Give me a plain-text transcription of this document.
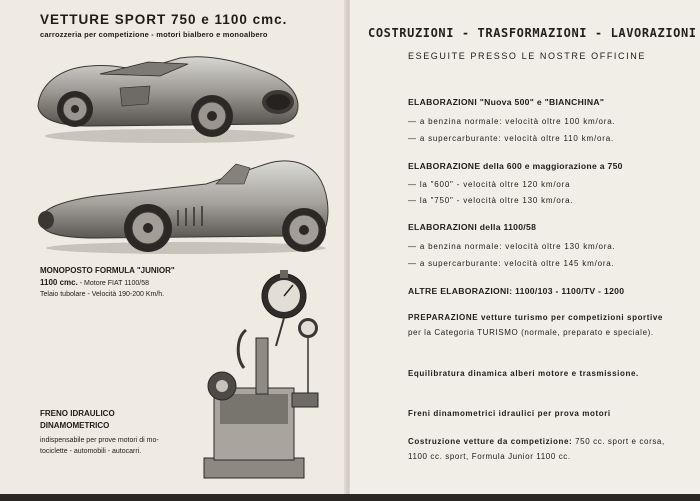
VETTURE SPORT 750 e 1100 cmc.
carrozzeria per competizione - motori bialbero e monoalbero
MONOPOSTO FORMULA "JUNIOR"
1100 cmc. - Motore FIAT 1100/58
Telaio tubolare - Velocità 190-200 Km/h.
FRENO IDRAULICO
DINAMOMETRICO
indispensabile per prove motori di mo-
tociclette - automobili - autocarri.
COSTRUZIONI - TRASFORMAZIONI - LAVORAZIONI
ESEGUITE PRESSO LE NOSTRE OFFICINE
ELABORAZIONI "Nuova 500" e "BIANCHINA"
— a benzina normale: velocità oltre 100 km/ora.
— a supercarburante: velocità oltre 110 km/ora.
ELABORAZIONE della 600 e maggiorazione a 750
— la "600" - velocità oltre 120 km/ora
— la "750" - velocità oltre 130 km/ora.
ELABORAZIONI della 1100/58
— a benzina normale: velocità oltre 130 km/ora.
— a supercarburante: velocità oltre 145 km/ora.
ALTRE ELABORAZIONI: 1100/103 - 1100/TV - 1200
PREPARAZIONE vetture turismo per competizioni sportive per la Categoria TURISMO (normale, preparato e speciale).
Equilibratura dinamica alberi motore e trasmissione.
Freni dinamometrici idraulici per prova motori
Costruzione vetture da competizione: 750 cc. sport e corsa, 1100 cc. sport, Formula Junior 1100 cc.
